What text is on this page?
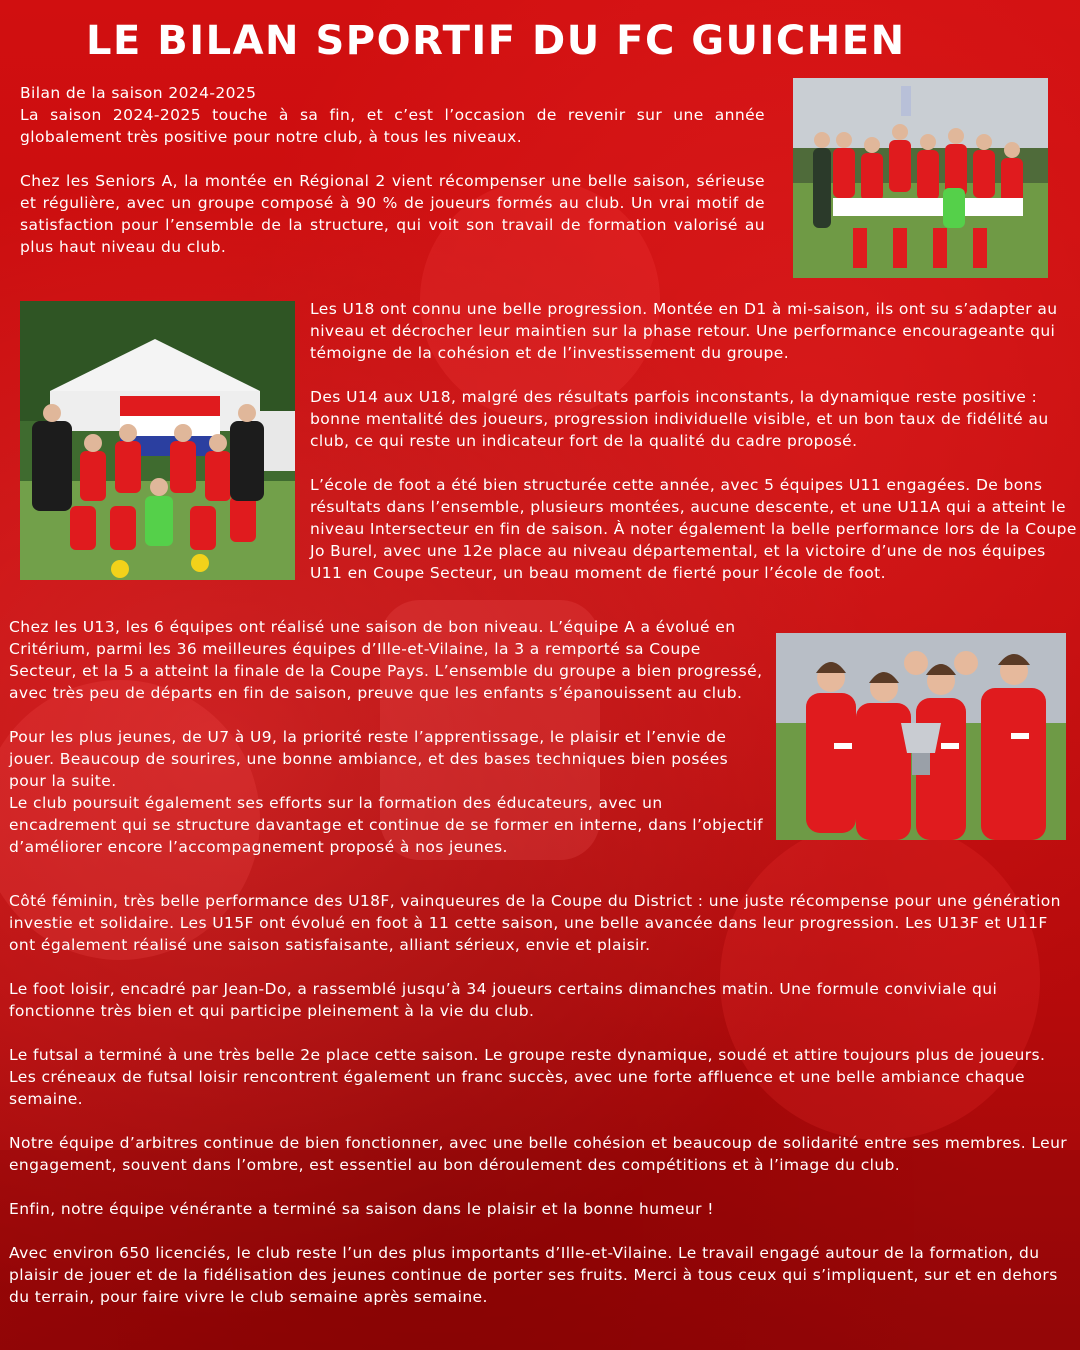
LE BILAN SPORTIF DU FC GUICHEN

Bilan de la saison 2024-2025

La saison 2024-2025 touche à sa fin, et c’est l’occasion de revenir sur une année globalement très positive pour notre club, à tous les niveaux.

Chez les Seniors A, la montée en Régional 2 vient récompenser une belle saison, sérieuse et régulière, avec un groupe composé à 90 % de joueurs formés au club. Un vrai motif de satisfaction pour l’ensemble de la structure, qui voit son travail de formation valorisé au plus haut niveau du club.

Les U18 ont connu une belle progression. Montée en D1 à mi-saison, ils ont su s’adapter au niveau et décrocher leur maintien sur la phase retour. Une performance encourageante qui témoigne de la cohésion et de l’investissement du groupe.

Des U14 aux U18, malgré des résultats parfois inconstants, la dynamique reste positive : bonne mentalité des joueurs, progression individuelle visible, et un bon taux de fidélité au club, ce qui reste un indicateur fort de la qualité du cadre proposé.

L’école de foot a été bien structurée cette année, avec 5 équipes U11 engagées. De bons résultats dans l’ensemble, plusieurs montées, aucune descente, et une U11A qui a atteint le niveau Intersecteur en fin de saison. À noter également la belle performance lors de la Coupe Jo Burel, avec une 12e place au niveau départemental, et la victoire d’une de nos équipes U11 en Coupe Secteur, un beau moment de fierté pour l’école de foot.

Chez les U13, les 6 équipes ont réalisé une saison de bon niveau. L’équipe A a évolué en Critérium, parmi les 36 meilleures équipes d’Ille-et-Vilaine, la 3 a remporté sa Coupe Secteur, et la 5 a atteint la finale de la Coupe Pays. L’ensemble du groupe a bien progressé, avec très peu de départs en fin de saison, preuve que les enfants s’épanouissent au club.

Pour les plus jeunes, de U7 à U9, la priorité reste l’apprentissage, le plaisir et l’envie de jouer. Beaucoup de sourires, une bonne ambiance, et des bases techniques bien posées pour la suite.

Le club poursuit également ses efforts sur la formation des éducateurs, avec un encadrement qui se structure davantage et continue de se former en interne, dans l’objectif d’améliorer encore l’accompagnement proposé à nos jeunes.

Côté féminin, très belle performance des U18F, vainqueures de la Coupe du District : une juste récompense pour une génération investie et solidaire. Les U15F ont évolué en foot à 11 cette saison, une belle avancée dans leur progression. Les U13F et U11F ont également réalisé une saison satisfaisante, alliant sérieux, envie et plaisir.

Le foot loisir, encadré par Jean-Do, a rassemblé jusqu’à 34 joueurs certains dimanches matin. Une formule conviviale qui fonctionne très bien et qui participe pleinement à la vie du club.

Le futsal a terminé à une très belle 2e place cette saison. Le groupe reste dynamique, soudé et attire toujours plus de joueurs. Les créneaux de futsal loisir rencontrent également un franc succès, avec une forte affluence et une belle ambiance chaque semaine.

Notre équipe d’arbitres continue de bien fonctionner, avec une belle cohésion et beaucoup de solidarité entre ses membres. Leur engagement, souvent dans l’ombre, est essentiel au bon déroulement des compétitions et à l’image du club.

Enfin, notre équipe vénérante a terminé sa saison dans le plaisir et la bonne humeur !

Avec environ 650 licenciés, le club reste l’un des plus importants d’Ille-et-Vilaine. Le travail engagé autour de la formation, du plaisir de jouer et de la fidélisation des jeunes continue de porter ses fruits. Merci à tous ceux qui s’impliquent, sur et en dehors du terrain, pour faire vivre le club semaine après semaine.
